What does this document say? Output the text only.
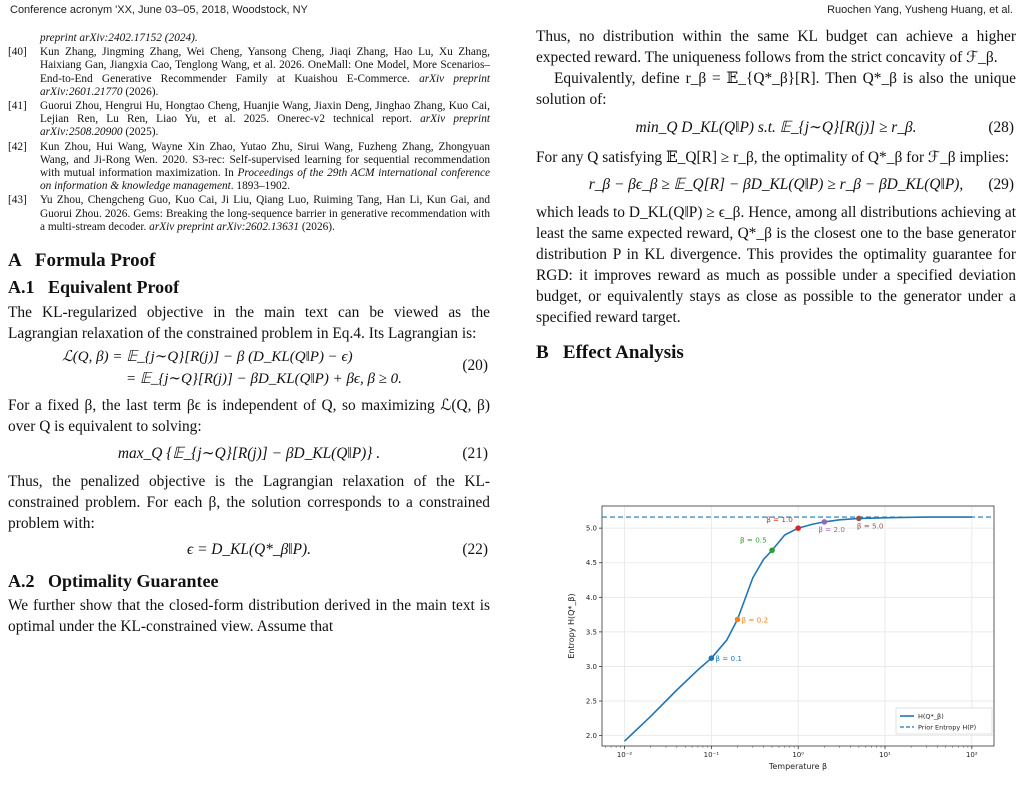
Conference acronym 'XX, June 03–05, 2018, Woodstock, NY	Ruochen Yang, Yusheng Huang, et al.
preprint arXiv:2402.17152 (2024).
[40] Kun Zhang, Jingming Zhang, Wei Cheng, Yansong Cheng, Jiaqi Zhang, Hao Lu, Xu Zhang, Haixiang Gan, Jiangxia Cao, Tenglong Wang, et al. 2026. OneMall: One Model, More Scenarios–End-to-End Generative Recommender Family at Kuaishou E-Commerce. arXiv preprint arXiv:2601.21770 (2026).
[41] Guorui Zhou, Hengrui Hu, Hongtao Cheng, Huanjie Wang, Jiaxin Deng, Jinghao Zhang, Kuo Cai, Lejian Ren, Lu Ren, Liao Yu, et al. 2025. Onerec-v2 technical report. arXiv preprint arXiv:2508.20900 (2025).
[42] Kun Zhou, Hui Wang, Wayne Xin Zhao, Yutao Zhu, Sirui Wang, Fuzheng Zhang, Zhongyuan Wang, and Ji-Rong Wen. 2020. S3-rec: Self-supervised learning for sequential recommendation with mutual information maximization. In Proceedings of the 29th ACM international conference on information & knowledge management. 1893–1902.
[43] Yu Zhou, Chengcheng Guo, Kuo Cai, Ji Liu, Qiang Luo, Ruiming Tang, Han Li, Kun Gai, and Guorui Zhou. 2026. Gems: Breaking the long-sequence barrier in generative recommendation with a multi-stream decoder. arXiv preprint arXiv:2602.13631 (2026).
A   Formula Proof
A.1   Equivalent Proof

The KL-regularized objective in the main text can be viewed as the Lagrangian relaxation of the constrained problem in Eq.4. Its Lagrangian is:

ℒ(Q, β) = 𝔼_{j∼Q}[R(j)] − β (D_KL(Q‖P) − ϵ)
= 𝔼_{j∼Q}[R(j)] − βD_KL(Q‖P) + βϵ, β ≥ 0.
(20)

For a fixed β, the last term βϵ is independent of Q, so maximizing ℒ(Q, β) over Q is equivalent to solving:

max_Q {𝔼_{j∼Q}[R(j)] − βD_KL(Q‖P)} .	(21)

Thus, the penalized objective is the Lagrangian relaxation of the KL-constrained problem. For each β, the solution corresponds to a constrained problem with:

ϵ = D_KL(Q*_β‖P).	(22)
A.2   Optimality Guarantee

We further show that the closed-form distribution derived in the main text is optimal under the KL-constrained view. Assume that

Thus, no distribution within the same KL budget can achieve a higher expected reward. The uniqueness follows from the strict concavity of ℱ_β.

Equivalently, define r_β = 𝔼_{Q*_β}[R]. Then Q*_β is also the unique solution of:

min_Q D_KL(Q‖P) s.t. 𝔼_{j∼Q}[R(j)] ≥ r_β.	(28)

For any Q satisfying 𝔼_Q[R] ≥ r_β, the optimality of Q*_β for ℱ_β implies:

r_β − βϵ_β ≥ 𝔼_Q[R] − βD_KL(Q‖P) ≥ r_β − βD_KL(Q‖P), (29)

which leads to D_KL(Q‖P) ≥ ϵ_β. Hence, among all distributions achieving at least the same expected reward, Q*_β is the closest one to the base generator distribution P in KL divergence. This provides the optimality guarantee for RGD: it improves reward as much as possible under a specified deviation budget, or equivalently stays as close as possible to the generator under a specified reward target.

B   Effect Analysis
2.0
2.5
3.0
3.5
4.0
4.5
5.0
10⁻²	10⁻¹	10⁰	10¹	10²
Temperature β
Entropy H(Q*_β)
β = 0.1
β = 0.2
β = 0.5
β = 1.0
β = 2.0 β = 5.0
H(Q*_β)
Prior Entropy H(P)
